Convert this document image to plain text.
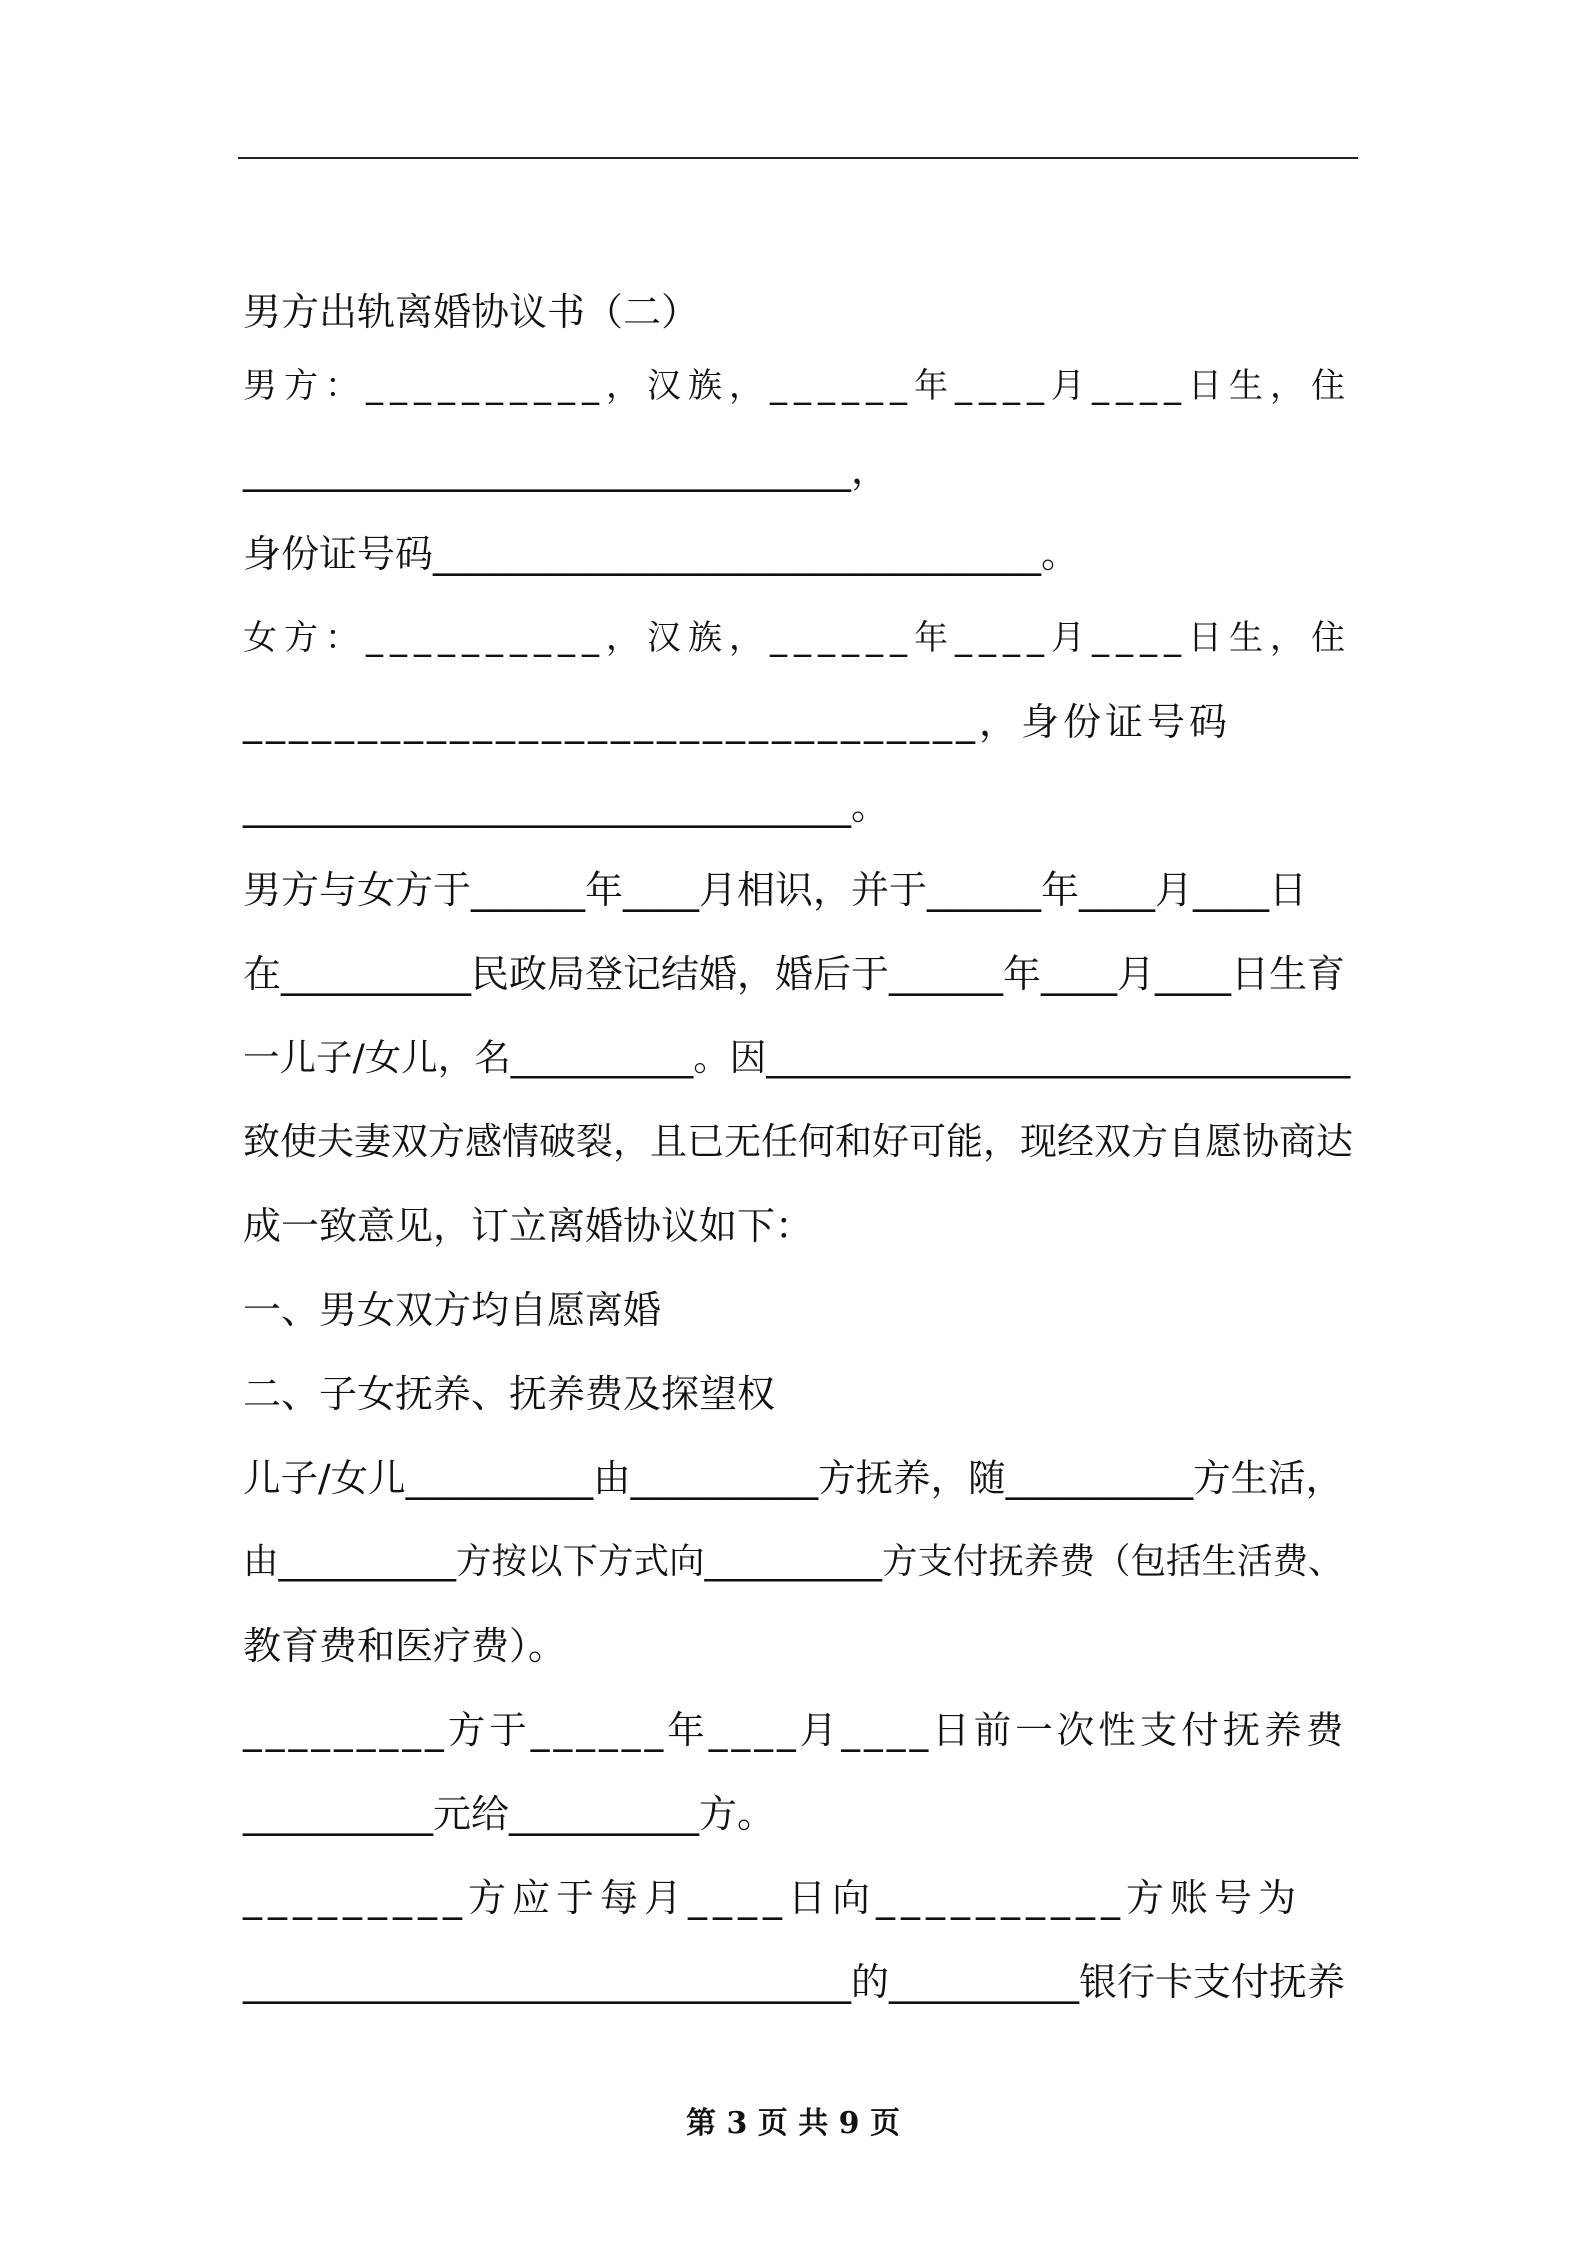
男方出轨离婚协议书（二）
男方：__________，汉族，______年____月____日生，住
________________________________，
身份证号码________________________________。
女方：__________，汉族，______年____月____日生，住
________________________________，身份证号码
________________________________。
男方与女方于______年____月相识，并于______年____月____日
在__________民政局登记结婚，婚后于______年____月____日生育
一儿子/女儿，名__________。因________________________________
致使夫妻双方感情破裂，且已无任何和好可能，现经双方自愿协商达
成一致意见，订立离婚协议如下：
一、男女双方均自愿离婚
二、子女抚养、抚养费及探望权
儿子/女儿__________由__________方抚养，随__________方生活，
由__________方按以下方式向__________方支付抚养费（包括生活费、
教育费和医疗费）。
_________方于______年____月____日前一次性支付抚养费
__________元给__________方。
_________方应于每月____日向__________方账号为
________________________________的__________银行卡支付抚养
第 3 页 共 9 页
